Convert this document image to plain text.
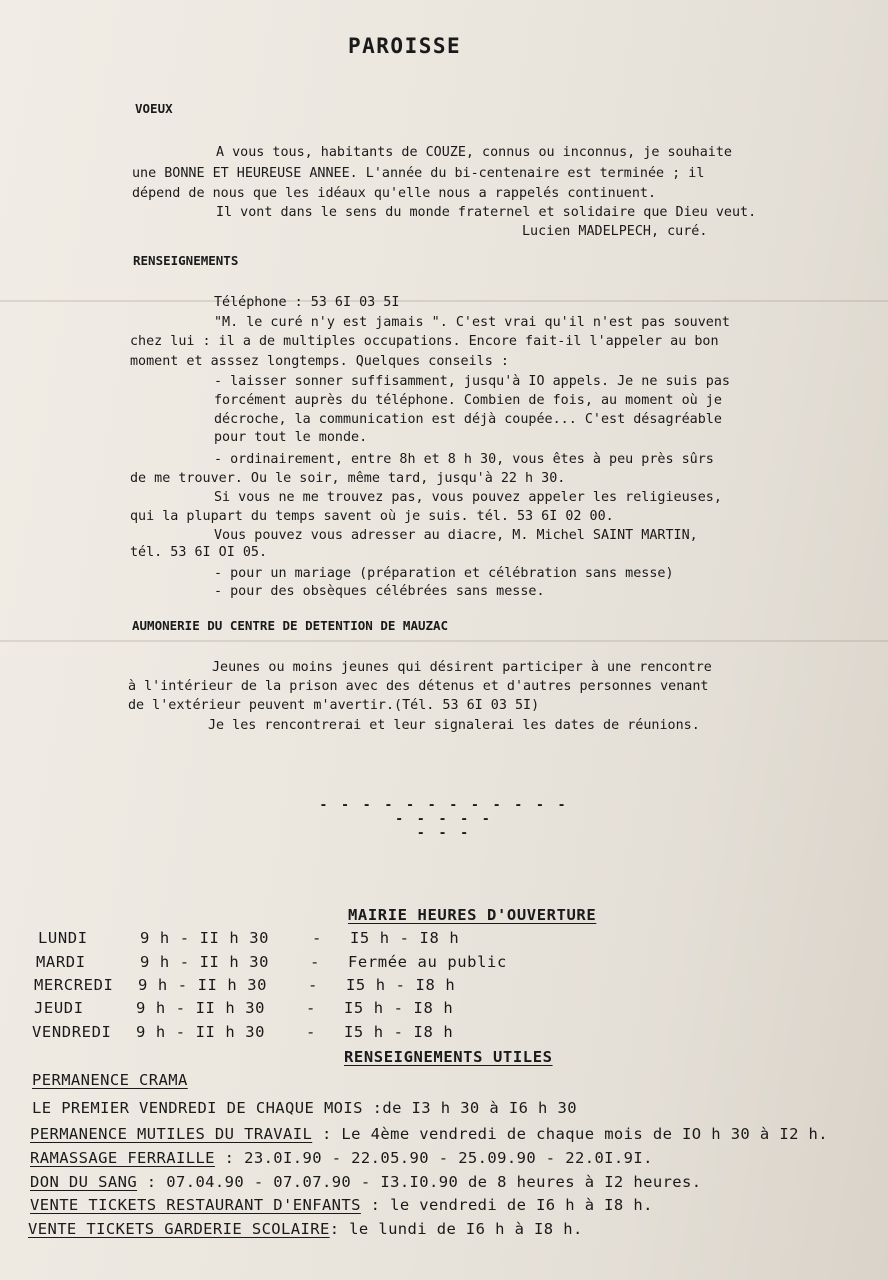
PAROISSE
VOEUX
A vous tous, habitants de COUZE, connus ou inconnus, je souhaite
une BONNE ET HEUREUSE ANNEE. L'année du bi-centenaire est terminée ; il
dépend de nous que les idéaux qu'elle nous a rappelés continuent.
Il vont dans le sens du monde fraternel et solidaire que Dieu veut.
Lucien MADELPECH, curé.
RENSEIGNEMENTS
Téléphone : 53 6I 03 5I
"M. le curé n'y est jamais ". C'est vrai qu'il n'est pas souvent
chez lui : il a de multiples occupations. Encore fait-il l'appeler au bon
moment et asssez longtemps. Quelques conseils :
- laisser sonner suffisamment, jusqu'à IO appels. Je ne suis pas
forcément auprès du téléphone. Combien de fois, au moment où je
décroche, la communication est déjà coupée... C'est désagréable
pour tout le monde.
- ordinairement, entre 8h et 8 h 30, vous êtes à peu près sûrs
de me trouver. Ou le soir, même tard, jusqu'à 22 h 30.
Si vous ne me trouvez pas, vous pouvez appeler les religieuses,
qui la plupart du temps savent où je suis. tél. 53 6I 02 00.
Vous pouvez vous adresser au diacre, M. Michel SAINT MARTIN,
tél. 53 6I OI 05.
- pour un mariage (préparation et célébration sans messe)
- pour des obsèques célébrées sans messe.
AUMONERIE DU CENTRE DE DETENTION DE MAUZAC
Jeunes ou moins jeunes qui désirent participer à une rencontre
à l'intérieur de la prison avec des détenus et d'autres personnes venant
de l'extérieur peuvent m'avertir.(Tél. 53 6I 03 5I)
Je les rencontrerai et leur signalerai les dates de réunions.
- - - - - - - - - - - -
- - - - -
- - -
MAIRIE HEURES D'OUVERTURE
LUNDI	9 h - II h 30	- I5 h - I8 h
MARDI	9 h - II h 30	- Fermée au public
MERCREDI 9 h - II h 30	- I5 h - I8 h
JEUDI	9 h - II h 30	- I5 h - I8 h
VENDREDI 9 h - II h 30	- I5 h - I8 h
RENSEIGNEMENTS UTILES
PERMANENCE CRAMA
LE PREMIER VENDREDI DE CHAQUE MOIS :de I3 h 30 à I6 h 30
PERMANENCE MUTILES DU TRAVAIL : Le 4ème vendredi de chaque mois de IO h 30 à I2 h.
RAMASSAGE FERRAILLE : 23.0I.90 - 22.05.90 - 25.09.90 - 22.0I.9I.
DON DU SANG : 07.04.90 - 07.07.90 - I3.I0.90 de 8 heures à I2 heures.
VENTE TICKETS RESTAURANT D'ENFANTS : le vendredi de I6 h à I8 h.
VENTE TICKETS GARDERIE SCOLAIRE: le lundi de I6 h à I8 h.
